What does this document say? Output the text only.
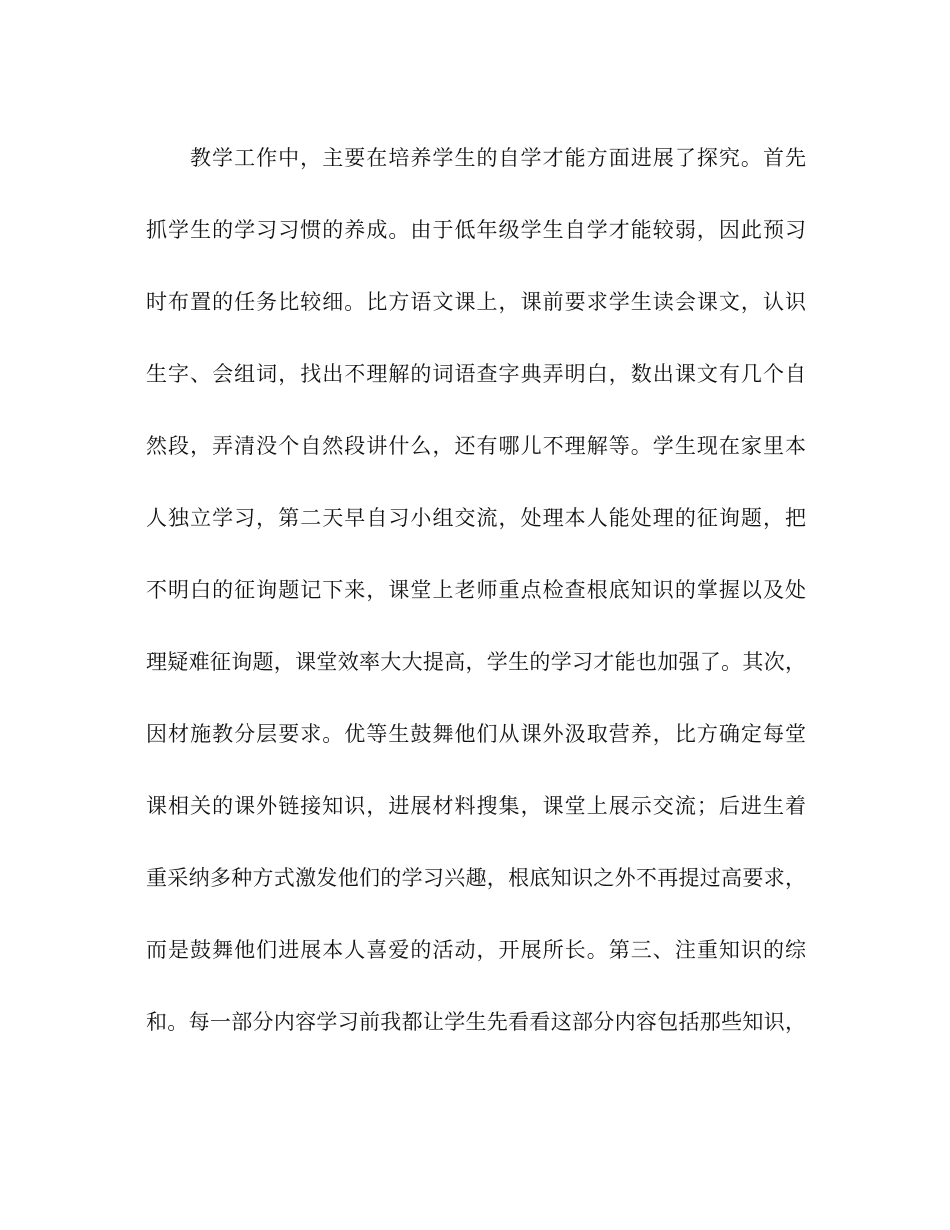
教学工作中，主要在培养学生的自学才能方面进展了探究。首先
抓学生的学习习惯的养成。由于低年级学生自学才能较弱，因此预习
时布置的任务比较细。比方语文课上，课前要求学生读会课文，认识
生字、会组词，找出不理解的词语查字典弄明白，数出课文有几个自
然段，弄清没个自然段讲什么，还有哪儿不理解等。学生现在家里本
人独立学习，第二天早自习小组交流，处理本人能处理的征询题，把
不明白的征询题记下来，课堂上老师重点检查根底知识的掌握以及处
理疑难征询题，课堂效率大大提高，学生的学习才能也加强了。其次，
因材施教分层要求。优等生鼓舞他们从课外汲取营养，比方确定每堂
课相关的课外链接知识，进展材料搜集，课堂上展示交流；后进生着
重采纳多种方式激发他们的学习兴趣，根底知识之外不再提过高要求，
而是鼓舞他们进展本人喜爱的活动，开展所长。第三、注重知识的综
和。每一部分内容学习前我都让学生先看看这部分内容包括那些知识，
